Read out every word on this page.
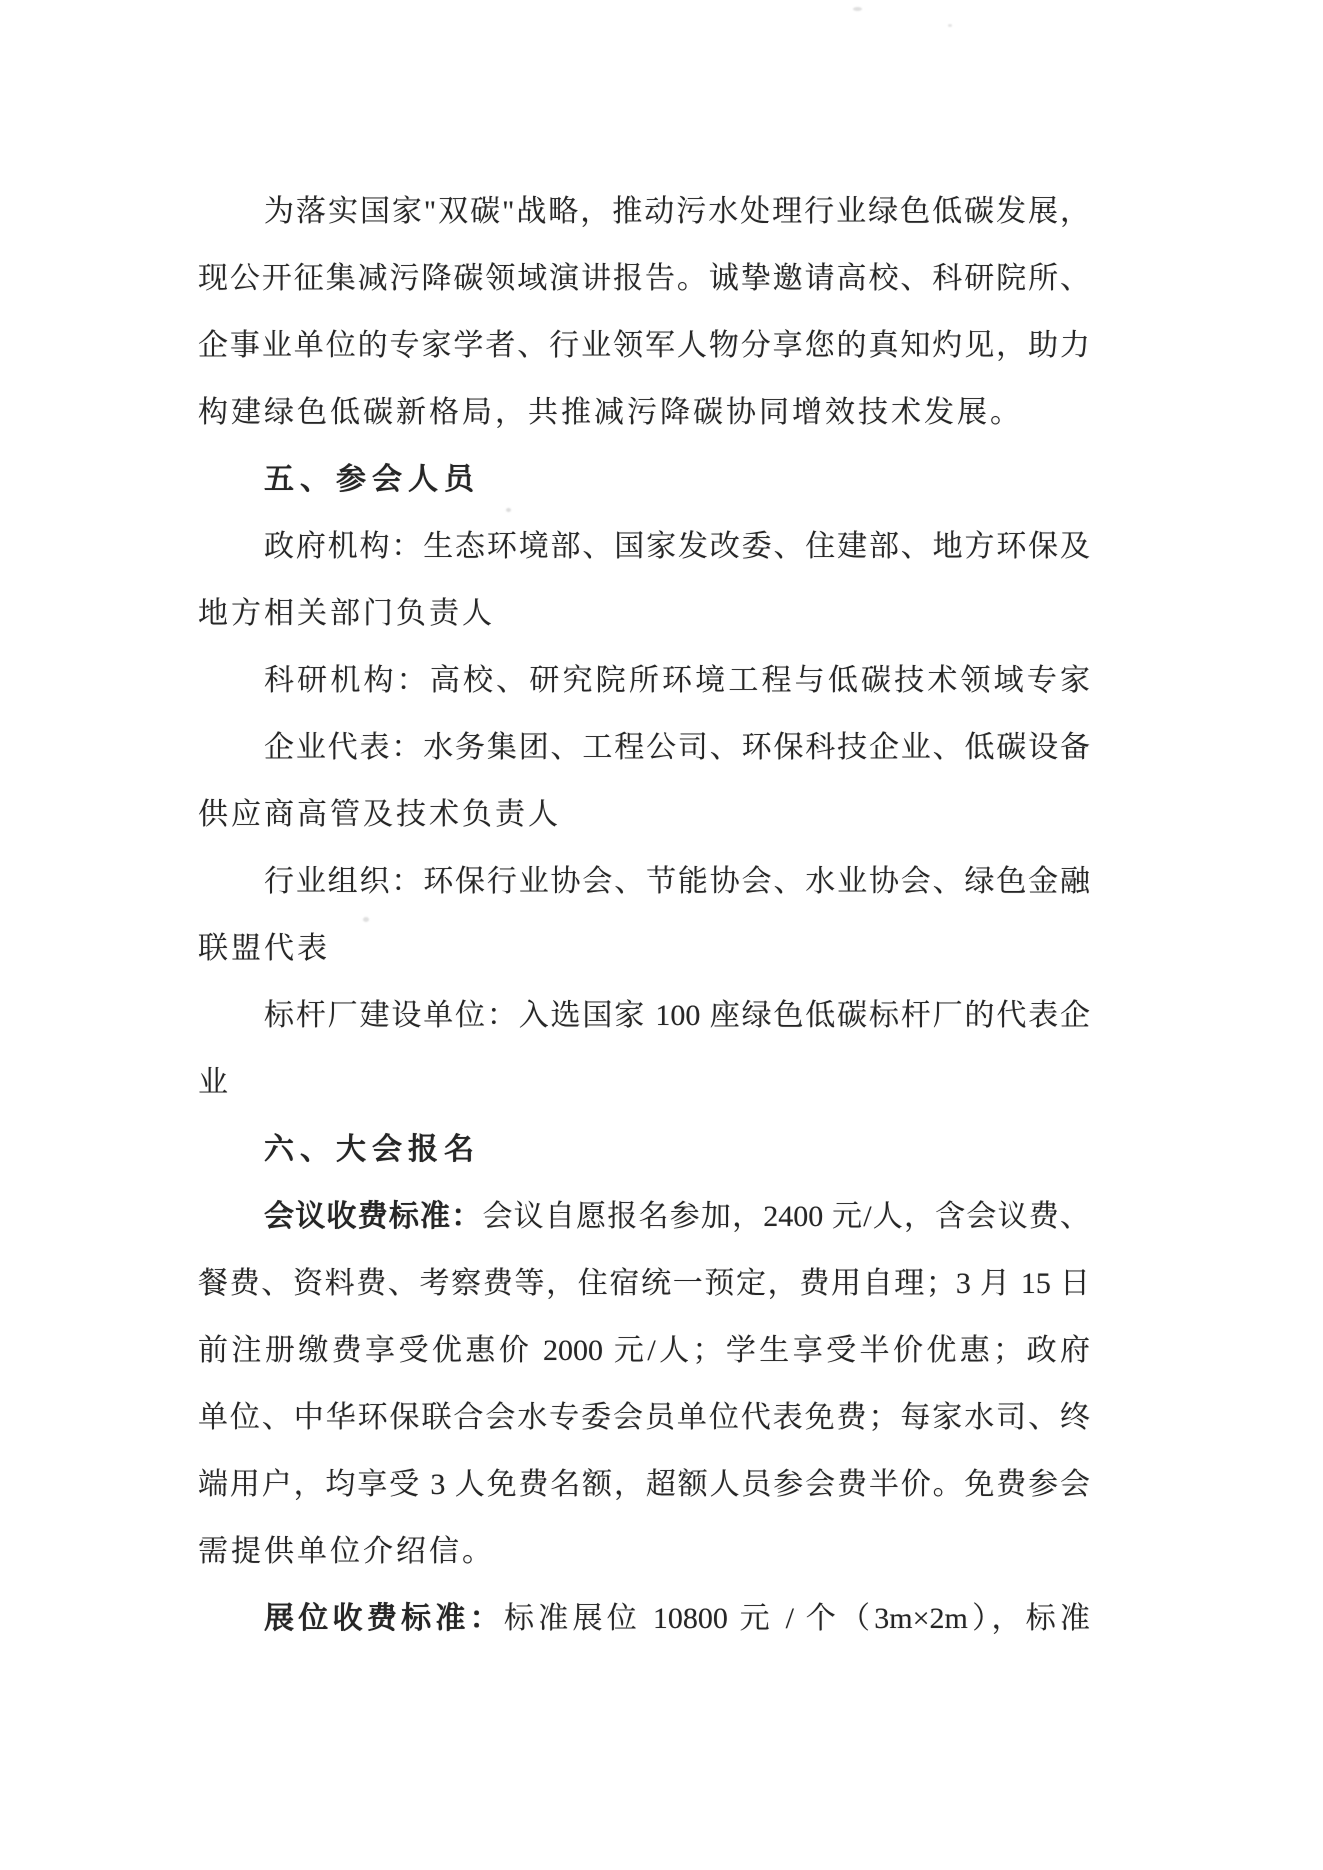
为落实国家"双碳"战略，推动污水处理行业绿色低碳发展，
现公开征集减污降碳领域演讲报告。诚挚邀请高校、科研院所、
企事业单位的专家学者、行业领军人物分享您的真知灼见，助力
构建绿色低碳新格局，共推减污降碳协同增效技术发展。
五、参会人员
政府机构：生态环境部、国家发改委、住建部、地方环保及
地方相关部门负责人
科研机构：高校、研究院所环境工程与低碳技术领域专家
企业代表：水务集团、工程公司、环保科技企业、低碳设备
供应商高管及技术负责人
行业组织：环保行业协会、节能协会、水业协会、绿色金融
联盟代表
标杆厂建设单位：入选国家 100 座绿色低碳标杆厂的代表企
业
六、大会报名
会议收费标准：会议自愿报名参加，2400 元/人，含会议费、
餐费、资料费、考察费等，住宿统一预定，费用自理；3 月 15 日
前注册缴费享受优惠价 2000 元/人；学生享受半价优惠；政府
单位、中华环保联合会水专委会员单位代表免费；每家水司、终
端用户，均享受 3 人免费名额，超额人员参会费半价。免费参会
需提供单位介绍信。
展位收费标准：标准展位 10800 元 / 个（3m×2m），标准
